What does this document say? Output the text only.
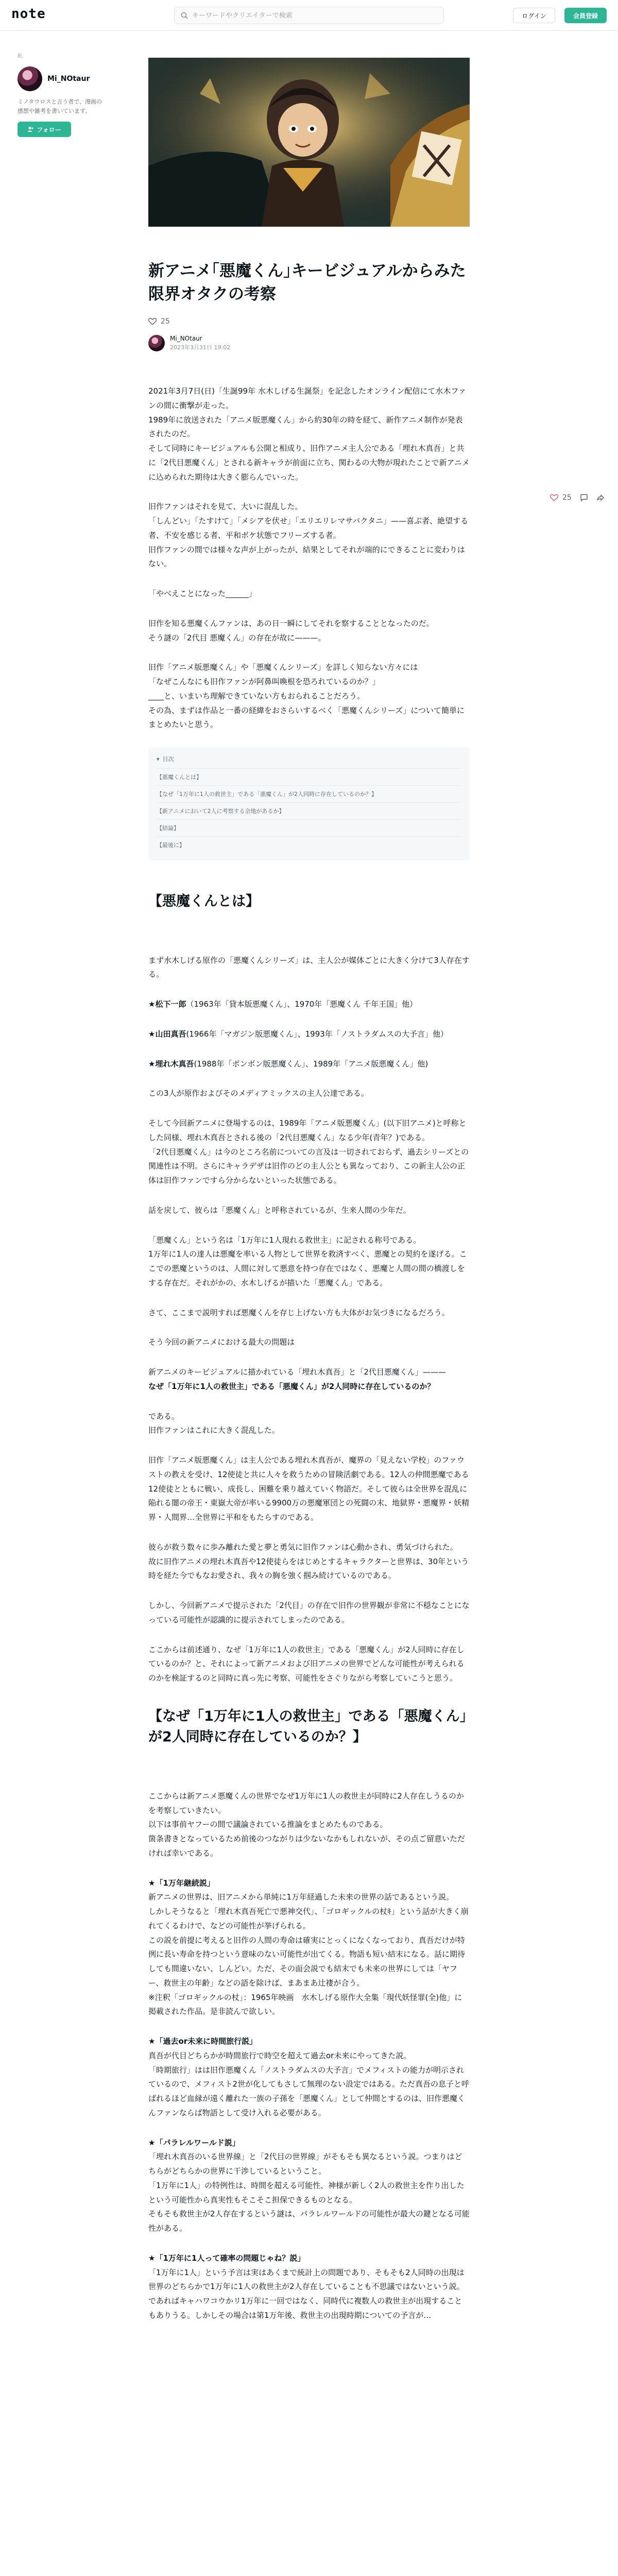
note
キーワードやクリエイターで検索	ログイン	会員登録
私
Mi_NOtaur
ミノタウロスと言う者で、漫画の感想や雑考を書いています。
フォロー
新アニメ｢悪魔くん｣キービジュアルからみた限界オタクの考察
25
Mi_NOtaur
2023年3月31日 19:02
25

2021年3月7日(日)「生誕99年 水木しげる生誕祭」を記念したオンライン配信にて水木ファンの間に衝撃が走った。
1989年に放送された「アニメ版悪魔くん」から約30年の時を経て、新作アニメ制作が発表されたのだ。
そして同時にキービジュアルも公開と相成り、旧作アニメ主人公である「埋れ木真吾」と共に「2代目悪魔くん」とされる新キャラが前面に立ち、関わるの大物が現れたことで新アニメに込められた期待は大きく膨らんでいった。

旧作ファンはそれを見て、大いに混乱した。
「しんどい」「たすけて」「メシアを伏せ」「エリエリレマサバクタニ」——喜ぶ者、絶望する者、不安を感じる者、平和ボケ状態でフリーズする者。
旧作ファンの間では様々な声が上がったが、結果としてそれが端的にできることに変わりはない。

「やべえことになった______」

旧作を知る悪魔くんファンは、あの日一瞬にしてそれを察することとなったのだ。
そう謎の「2代目 悪魔くん」の存在が故に———。

旧作「アニメ版悪魔くん」や「悪魔くんシリーズ」を詳しく知らない方々には
「なぜこんなにも旧作ファンが阿鼻叫喚根を恐ろれているのか？」
____と、いまいち理解できていない方もおられることだろう。
その為、まずは作品と一番の経緯をおさらいするべく「悪魔くんシリーズ」について簡単にまとめたいと思う。

▾ 目次
【悪魔くんとは】
【なぜ「1万年に1人の救世主」である「悪魔くん」が2人同時に存在しているのか？】
【新アニメにおいて2人に考察する余地があるか】
【結論】
【最後に】
【悪魔くんとは】

まず水木しげる原作の「悪魔くんシリーズ」は、主人公が媒体ごとに大きく分けて3人存在する。

★松下一郎（1963年「貸本版悪魔くん」、1970年「悪魔くん 千年王国」他）

★山田真吾(1966年「マガジン版悪魔くん」、1993年「ノストラダムスの大予言」他）

★埋れ木真吾(1988年「ボンボン版悪魔くん」、1989年「アニメ版悪魔くん」他)

この3人が原作およびそのメディアミックスの主人公達である。

そして今回新アニメに登場するのは、1989年「アニメ版悪魔くん」(以下旧アニメ)と呼称とした同様、埋れ木真吾とされる後の「2代目悪魔くん」なる少年(青年？)である。
「2代目悪魔くん」は今のところ名前についての言及は一切されておらず、過去シリーズとの関連性は不明。さらにキャラデザは旧作のどの主人公とも異なっており、この新主人公の正体は旧作ファンですら分からないといった状態である。

話を戻して、彼らは「悪魔くん」と呼称されているが、生来人間の少年だ。

「悪魔くん」という名は「1万年に1人現れる救世主」に記される称号である。
1万年に1人の達人は悪魔を率いる人物として世界を救済すべく、悪魔との契約を遂げる。ここでの悪魔というのは、人間に対して悪意を持つ存在ではなく、悪魔と人間の間の橋渡しをする存在だ。それがかの、水木しげるが描いた「悪魔くん」である。

さて、ここまで説明すれば悪魔くんを存じ上げない方も大体がお気づきになるだろう。

そう今回の新アニメにおける最大の問題は

新アニメのキービジュアルに描かれている「埋れ木真吾」と「2代目悪魔くん」———

なぜ「1万年に1人の救世主」である「悪魔くん」が2人同時に存在しているのか？

である。
旧作ファンはこれに大きく混乱した。

旧作「アニメ版悪魔くん」は主人公である埋れ木真吾が、魔界の「見えない学校」のファウストの教えを受け、12使徒と共に人々を救うための冒険活劇である。12人の仲間悪魔である12使徒とともに戦い、成長し、困難を乗り越えていく物語だ。そして彼らは全世界を混乱に陥れる闇の帝王・東嶽大帝が率いる9900万の悪魔軍団との死闘の末、地獄界・悪魔界・妖精界・人間界…全世界に平和をもたらすのである。

彼らが救う数々に歩み離れた愛と夢と勇気に旧作ファンは心動かされ、勇気づけられた。
故に旧作アニメの埋れ木真吾や12使徒らをはじめとするキャラクターと世界は、30年という時を経た今でもなお愛され、我々の胸を強く掴み続けているのである。

しかし、今回新アニメで提示された「2代目」の存在で旧作の世界観が非常に不穏なことになっている可能性が認識的に提示されてしまったのである。

ここからは前述通り、なぜ「1万年に1人の救世主」である「悪魔くん」が2人同時に存在しているのか？と、それによって新アニメおよび旧アニメの世界でどんな可能性が考えられるのかを検証するのと同時に真っ先に考察、可能性をさぐりながら考察していこうと思う。

【なぜ「1万年に1人の救世主」である「悪魔くん」が2人同時に存在しているのか？】

ここからは新アニメ悪魔くんの世界でなぜ1万年に1人の救世主が同時に2人存在しうるのかを考察していきたい。
以下は事前ヤフーの間で議論されている推論をまとめたものである。
箇条書きとなっているため前後のつながりは少ないなかもしれないが、その点ご留意いただければ幸いである。

★「1万年継続説」
新アニメの世界は、旧アニメから単純に1万年経過した未来の世界の話であるという説。
しかしそうなると「埋れ木真吾死亡で悪神交代」、「ゴロギックルの杖ｷ」という話が大きく崩れてくるわけで、などの可能性が挙げられる。
この説を前提に考えると旧作の人間の寿命は確実にとっくになくなっており、真吾だけが特例に長い寿命を持つという意味のない可能性が出てくる。物語も短い結末になる。話に期待しても間違いない、しんどい。ただ、その面会説でも結末でも未来の世界にしては「ヤフー、救世主の年齢」などの語を除けば、まあまあ辻褄が合う。
※注釈「ゴロギックルの杖」：1965年映画　水木しげる原作大全集「現代妖怪罪(全)他」に掲載された作品。是非読んで欲しい。

★「過去or未来に時間旅行説」
真吾が代目どちらかが時間旅行で時空を超えて過去or未来にやってきた説。
「時期旅行」はは旧作悪魔くん「ノストラダムスの大予言」でメフィストの能力が明示されているので、メフィスト2世が化してもさして無理のない設定ではある。ただ真吾の息子と呼ばれるほど血縁が遠く離れた一族の子孫を「悪魔くん」として仲間とするのは、旧作悪魔くんファンならば物語として受け入れる必要がある。

★「パラレルワールド説」
「埋れ木真吾のいる世界線」と「2代目の世界線」がそもそも異なるという説。つまりはどちらがどちらかの世界に干渉しているということ。
「1万年に1人」の特例性は、時間を超える可能性、神様が新しく2人の救世主を作り出したという可能性から真実性もそこそこ担保できるものとなる。
そもそも救世主が2人存在するという謎は、パラレルワールドの可能性が最大の鍵となる可能性がある。

★「1万年に1人って確率の問題じゃね？説」
「1万年に1人」という予言は実はあくまで統計上の問題であり、そもそも2人同時の出現は世界のどちらかで1万年に1人の救世主が2人存在していることも不思議ではないという説。
であればキャハワコウかリ1万年に一回ではなく、同時代に複数人の救世主が出現することもありうる。しかしその場合は第1万年後、救世主の出現時期についての予言が…
